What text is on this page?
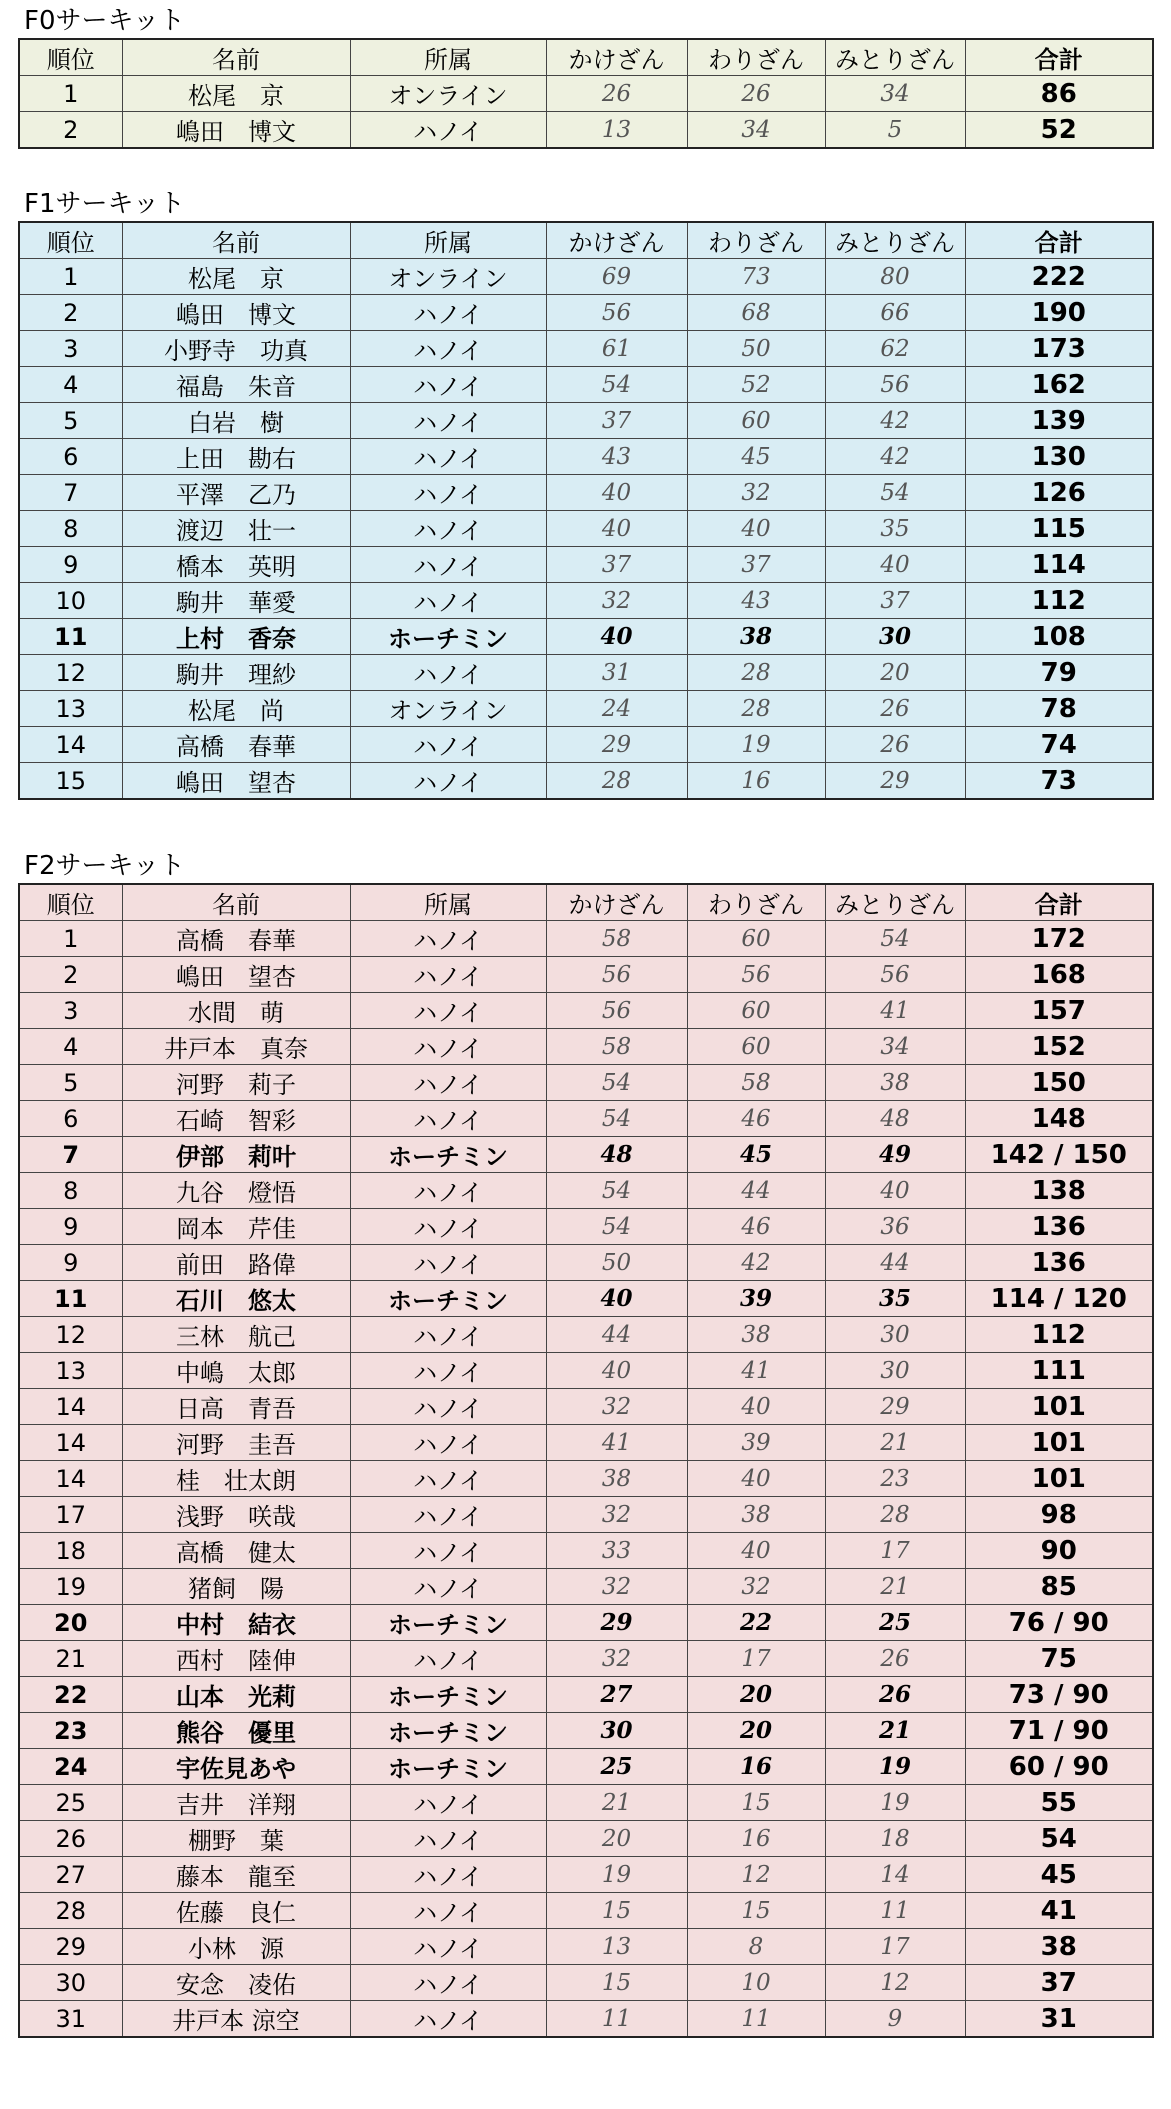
F0サーキット
順位	名前	所属	かけざん	わりざん	みとりざん	合計
1	松尾　京	オンライン	26	26	34	86
2	嶋田　博文	ハノイ	13	34	5	52
F1サーキット
順位	名前	所属	かけざん	わりざん	みとりざん	合計
1	松尾　京	オンライン	69	73	80	222
2	嶋田　博文	ハノイ	56	68	66	190
3	小野寺　功真	ハノイ	61	50	62	173
4	福島　朱音	ハノイ	54	52	56	162
5	白岩　樹	ハノイ	37	60	42	139
6	上田　勘右	ハノイ	43	45	42	130
7	平澤　乙乃	ハノイ	40	32	54	126
8	渡辺　壮一	ハノイ	40	40	35	115
9	橋本　英明	ハノイ	37	37	40	114
10	駒井　華愛	ハノイ	32	43	37	112
11	上村　香奈	ホーチミン	40	38	30	108
12	駒井　理紗	ハノイ	31	28	20	79
13	松尾　尚	オンライン	24	28	26	78
14	高橋　春華	ハノイ	29	19	26	74
15	嶋田　望杏	ハノイ	28	16	29	73
F2サーキット
順位	名前	所属	かけざん	わりざん	みとりざん	合計
1	高橋　春華	ハノイ	58	60	54	172
2	嶋田　望杏	ハノイ	56	56	56	168
3	水間　萌	ハノイ	56	60	41	157
4	井戸本　真奈	ハノイ	58	60	34	152
5	河野　莉子	ハノイ	54	58	38	150
6	石崎　智彩	ハノイ	54	46	48	148
7	伊部　莉叶	ホーチミン	48	45	49	142 / 150
8	九谷　燈悟	ハノイ	54	44	40	138
9	岡本　芹佳	ハノイ	54	46	36	136
9	前田　路偉	ハノイ	50	42	44	136
11	石川　悠太	ホーチミン	40	39	35	114 / 120
12	三林　航己	ハノイ	44	38	30	112
13	中嶋　太郎	ハノイ	40	41	30	111
14	日高　青吾	ハノイ	32	40	29	101
14	河野　圭吾	ハノイ	41	39	21	101
14	桂　壮太朗	ハノイ	38	40	23	101
17	浅野　咲哉	ハノイ	32	38	28	98
18	高橋　健太	ハノイ	33	40	17	90
19	猪飼　陽	ハノイ	32	32	21	85
20	中村　結衣	ホーチミン	29	22	25	76 / 90
21	西村　陸伸	ハノイ	32	17	26	75
22	山本　光莉	ホーチミン	27	20	26	73 / 90
23	熊谷　優里	ホーチミン	30	20	21	71 / 90
24	宇佐見あや	ホーチミン	25	16	19	60 / 90
25	吉井　洋翔	ハノイ	21	15	19	55
26	棚野　葉	ハノイ	20	16	18	54
27	藤本　龍至	ハノイ	19	12	14	45
28	佐藤　良仁	ハノイ	15	15	11	41
29	小林　源	ハノイ	13	8	17	38
30	安念　凌佑	ハノイ	15	10	12	37
31	井戸本 涼空	ハノイ	11	11	9	31
